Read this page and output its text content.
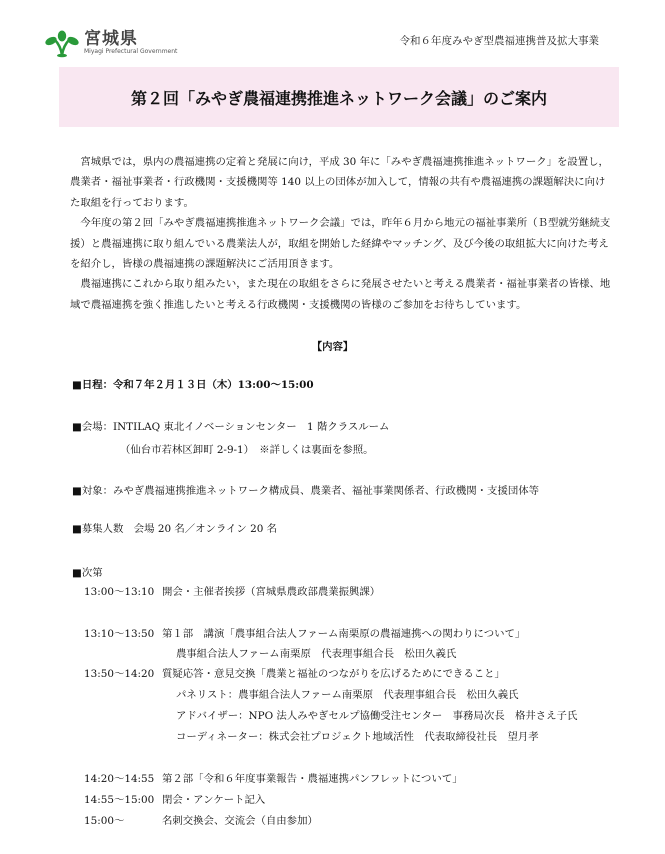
宮城県
Miyagi Prefectural Government
令和６年度みやぎ型農福連携普及拡大事業
第２回「みやぎ農福連携推進ネットワーク会議」のご案内

宮城県では，県内の農福連携の定着と発展に向け，平成 30 年に「みやぎ農福連携推進ネットワーク」を設置し，農業者・福祉事業者・行政機関・支援機関等 140 以上の団体が加入して，情報の共有や農福連携の課題解決に向けた取組を行っております。

今年度の第２回「みやぎ農福連携推進ネットワーク会議」では，昨年６月から地元の福祉事業所（Ｂ型就労継続支援）と農福連携に取り組んでいる農業法人が，取組を開始した経緯やマッチング、及び今後の取組拡大に向けた考えを紹介し，皆様の農福連携の課題解決にご活用頂きます。

農福連携にこれから取り組みたい，また現在の取組をさらに発展させたいと考える農業者・福祉事業者の皆様、地域で農福連携を強く推進したいと考える行政機関・支援機関の皆様のご参加をお待ちしています。

【内容】
■日程：令和７年２月１３日（木）13:00～15:00
■会場：INTILAQ 東北イノベーションセンター　1 階クラスルーム
（仙台市若林区卸町 2-9-1）　※詳しくは裏面を参照。
■対象：みやぎ農福連携推進ネットワーク構成員、農業者、福祉事業関係者、行政機関・支援団体等
■募集人数　会場 20 名／オンライン 20 名
■次第
13:00～13:10 開会・主催者挨拶（宮城県農政部農業振興課）
13:10～13:50 第１部　講演「農事組合法人ファーム南栗原の農福連携への関わりについて」
農事組合法人ファーム南栗原　代表理事組合長　松田久義氏
13:50～14:20 質疑応答・意見交換「農業と福祉のつながりを広げるためにできること」
パネリスト：農事組合法人ファーム南栗原　代表理事組合長　松田久義氏
アドバイザー：NPO 法人みやぎセルプ協働受注センター　事務局次長　格井さえ子氏
コーディネーター：株式会社プロジェクト地域活性　代表取締役社長　望月孝
14:20～14:55 第２部「令和６年度事業報告・農福連携パンフレットについて」
14:55～15:00 閉会・アンケート記入
15:00～	名刺交換会、交流会（自由参加）
